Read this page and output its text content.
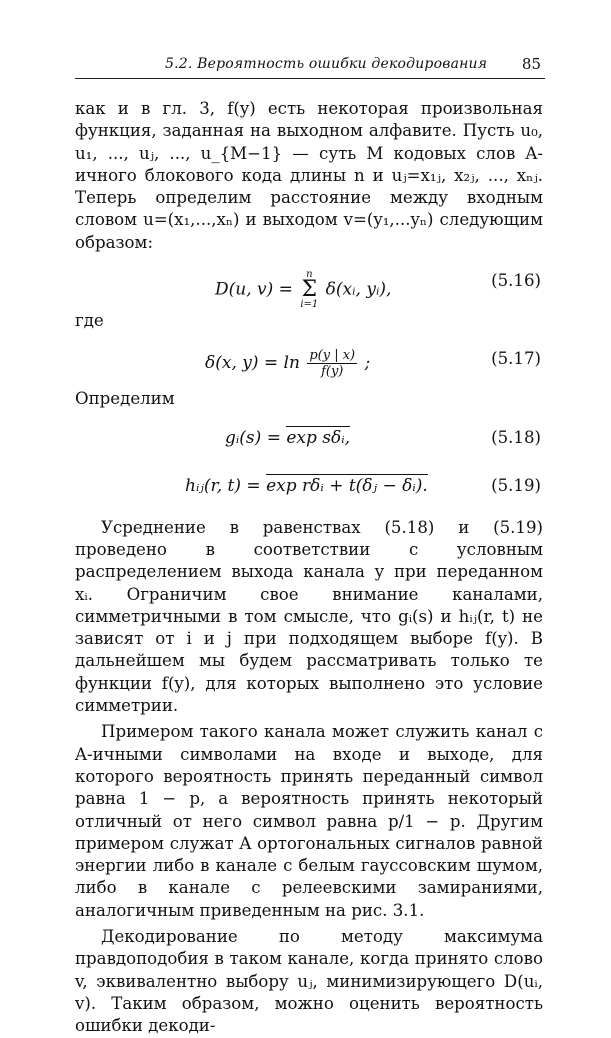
5.2. Вероятность ошибки декодирования 85

как и в гл. 3, f(y) есть некоторая произвольная функция, заданная на выходном алфавите. Пусть u₀, u₁, ..., uⱼ, ..., u_{M−1} — суть M кодовых слов A-ичного блокового кода длины n и uⱼ=x₁ⱼ, x₂ⱼ, ..., xₙⱼ. Теперь определим расстояние между входным словом u=(x₁,...,xₙ) и выходом v=(y₁,...yₙ) следующим образом:

D(u, v) =
n
Σ
i=1
δ(xᵢ, yᵢ),	(5.16)

где

δ(x, $y) = \ln \frac{p(y | x)}{f(y)}$ ;	(5.17)

Определим

gᵢ(s) = exp sδᵢ,	(5.18)
hᵢⱼ(r, t) = exp rδᵢ + t(δⱼ − δᵢ).	(5.19)

Усреднение в равенствах (5.18) и (5.19) проведено в соответствии с условным распределением выхода канала y при переданном xᵢ. Ограничим свое внимание каналами, симметричными в том смысле, что gᵢ(s) и hᵢⱼ(r, t) не зависят от i и j при подходящем выборе f(y). В дальнейшем мы будем рассматривать только те функции f(y), для которых выполнено это условие симметрии.

Примером такого канала может служить канал с A-ичными символами на входе и выходе, для которого вероятность принять переданный символ равна 1 − p, а вероятность принять некоторый отличный от него символ равна p/1 − p. Другим примером служат A ортогональных сигналов равной энергии либо в канале с белым гауссовским шумом, либо в канале с релеевскими замираниями, аналогичным приведенным на рис. 3.1.

Декодирование по методу максимума правдоподобия в таком канале, когда принято слово v, эквивалентно выбору uⱼ, минимизирующего D(uᵢ, v). Таким образом, можно оценить вероятность ошибки декоди-
